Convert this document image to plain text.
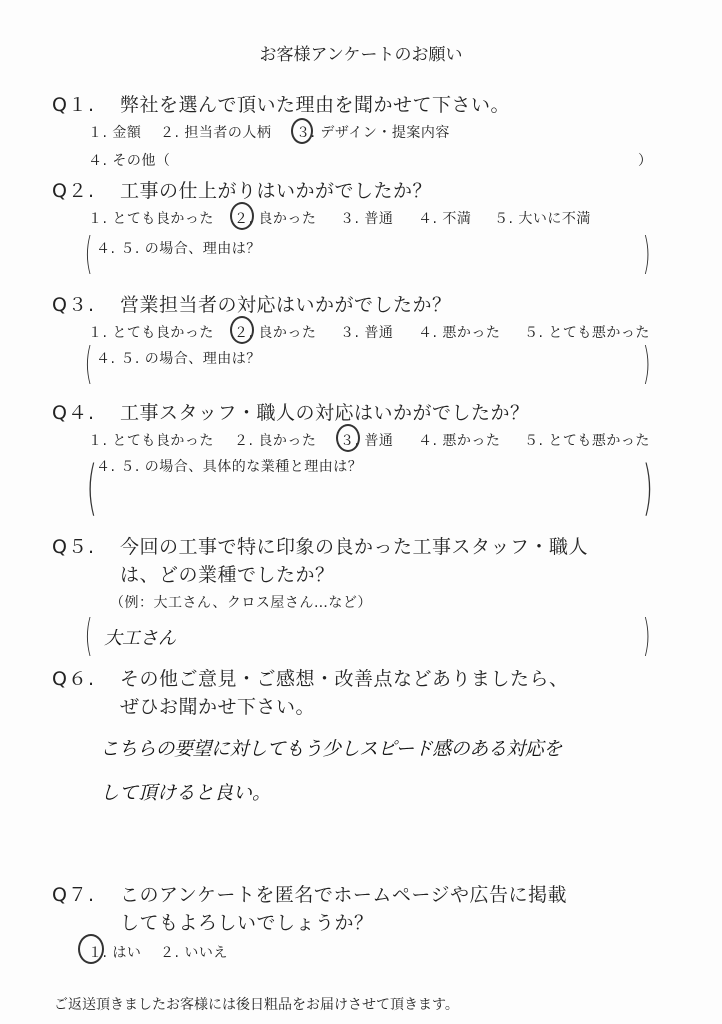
お客様アンケートのお願い
Q１. 弊社を選んで頂いた理由を聞かせて下さい。
１. 金額 ２. 担当者の人柄 ３. デザイン・提案内容
４. その他（	）
Q２. 工事の仕上がりはいかがでしたか？
１. とても良かった ２. 良かった ３. 普通 ４. 不満 ５. 大いに不満
( ４. ５. の場合、理由は？	)
Q３. 営業担当者の対応はいかがでしたか？
１. とても良かった ２. 良かった ３. 普通 ４. 悪かった ５. とても悪かった
( ４. ５. の場合、理由は？	)
Q４. 工事スタッフ・職人の対応はいかがでしたか？
１. とても良かった ２. 良かった ３. 普通 ４. 悪かった ５. とても悪かった
( ４. ５. の場合、具体的な業種と理由は？	)
Q５. 今回の工事で特に印象の良かった工事スタッフ・職人
は、どの業種でしたか？
（例：大工さん、クロス屋さん…など）
( 大工さん	)
Q６. その他ご意見・ご感想・改善点などありましたら、
ぜひお聞かせ下さい。
こちらの要望に対してもう少しスピード感のある対応を
して頂けると良い。
Q７. このアンケートを匿名でホームページや広告に掲載
してもよろしいでしょうか？
１. はい ２. いいえ
ご返送頂きましたお客様には後日粗品をお届けさせて頂きます。
